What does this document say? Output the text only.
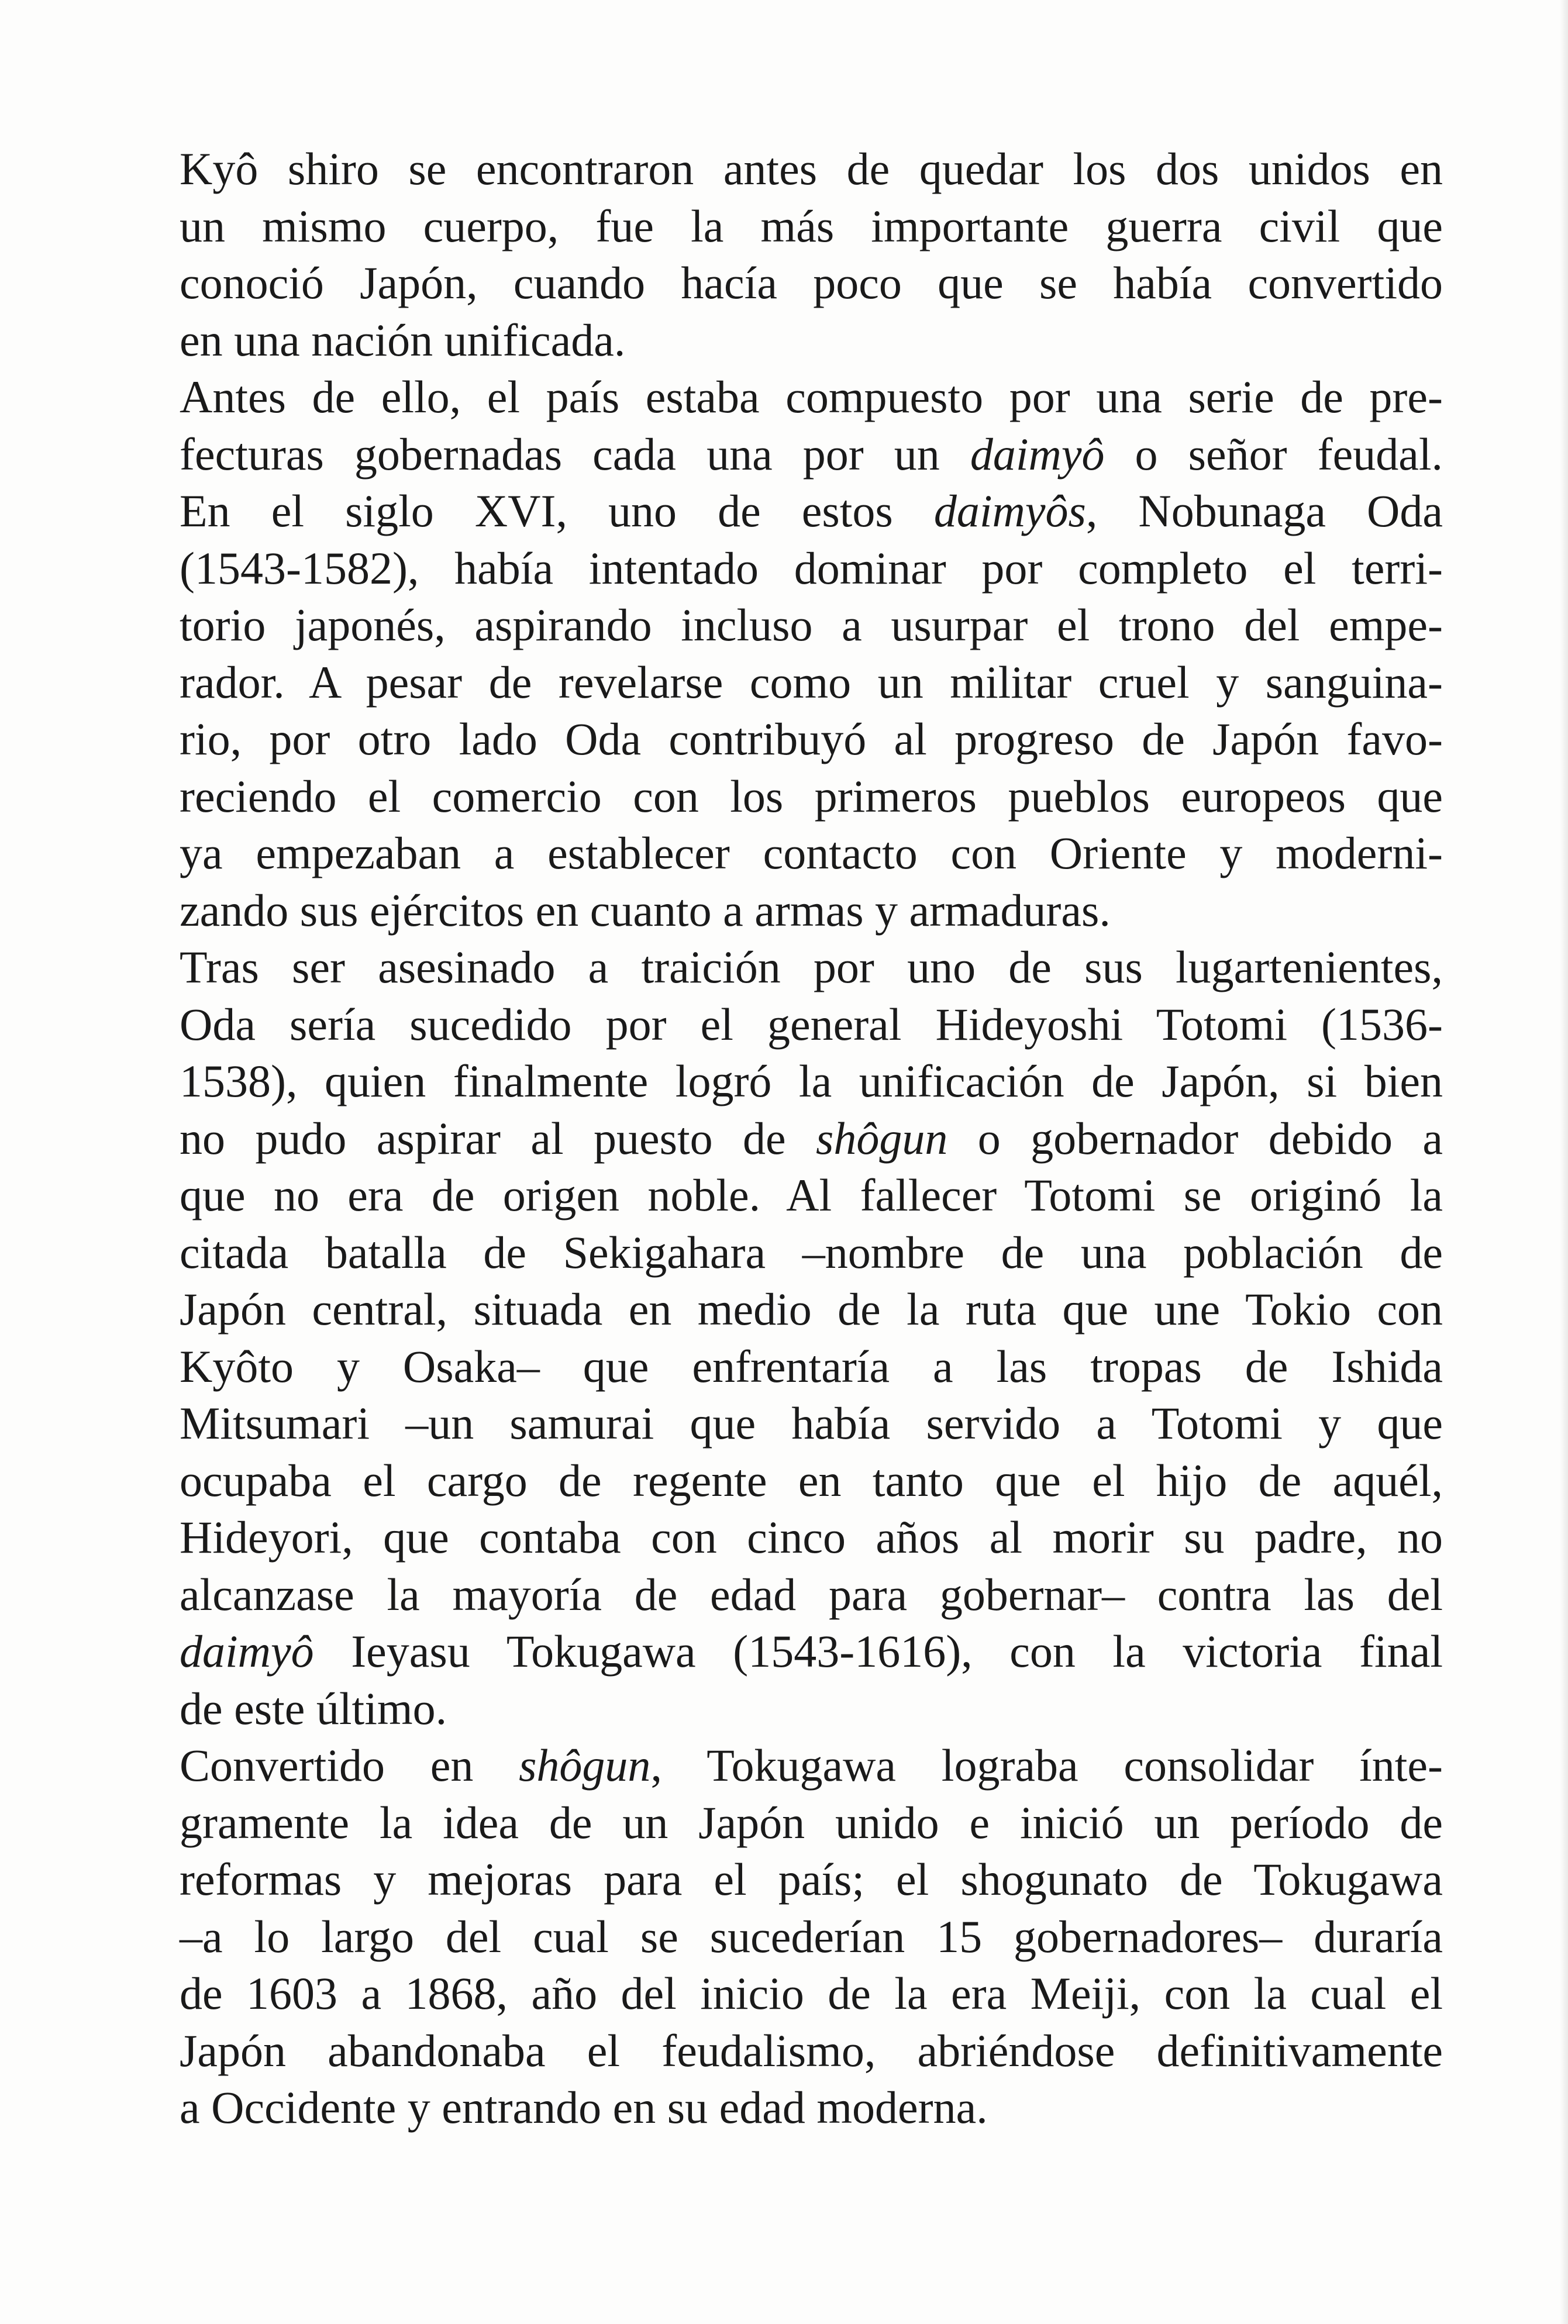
Kyô shiro se encontraron antes de quedar los dos unidos en
un mismo cuerpo, fue la más importante guerra civil que
conoció Japón, cuando hacía poco que se había convertido
en una nación unificada.
Antes de ello, el país estaba compuesto por una serie de pre-
fecturas gobernadas cada una por un daimyô o señor feudal.
En el siglo XVI, uno de estos daimyôs, Nobunaga Oda
(1543-1582), había intentado dominar por completo el terri-
torio japonés, aspirando incluso a usurpar el trono del empe-
rador. A pesar de revelarse como un militar cruel y sanguina-
rio, por otro lado Oda contribuyó al progreso de Japón favo-
reciendo el comercio con los primeros pueblos europeos que
ya empezaban a establecer contacto con Oriente y moderni-
zando sus ejércitos en cuanto a armas y armaduras.
Tras ser asesinado a traición por uno de sus lugartenientes,
Oda sería sucedido por el general Hideyoshi Totomi (1536-
1538), quien finalmente logró la unificación de Japón, si bien
no pudo aspirar al puesto de shôgun o gobernador debido a
que no era de origen noble. Al fallecer Totomi se originó la
citada batalla de Sekigahara –nombre de una población de
Japón central, situada en medio de la ruta que une Tokio con
Kyôto y Osaka– que enfrentaría a las tropas de Ishida
Mitsumari –un samurai que había servido a Totomi y que
ocupaba el cargo de regente en tanto que el hijo de aquél,
Hideyori, que contaba con cinco años al morir su padre, no
alcanzase la mayoría de edad para gobernar– contra las del
daimyô Ieyasu Tokugawa (1543-1616), con la victoria final
de este último.
Convertido en shôgun, Tokugawa lograba consolidar ínte-
gramente la idea de un Japón unido e inició un período de
reformas y mejoras para el país; el shogunato de Tokugawa
–a lo largo del cual se sucederían 15 gobernadores– duraría
de 1603 a 1868, año del inicio de la era Meiji, con la cual el
Japón abandonaba el feudalismo, abriéndose definitivamente
a Occidente y entrando en su edad moderna.
